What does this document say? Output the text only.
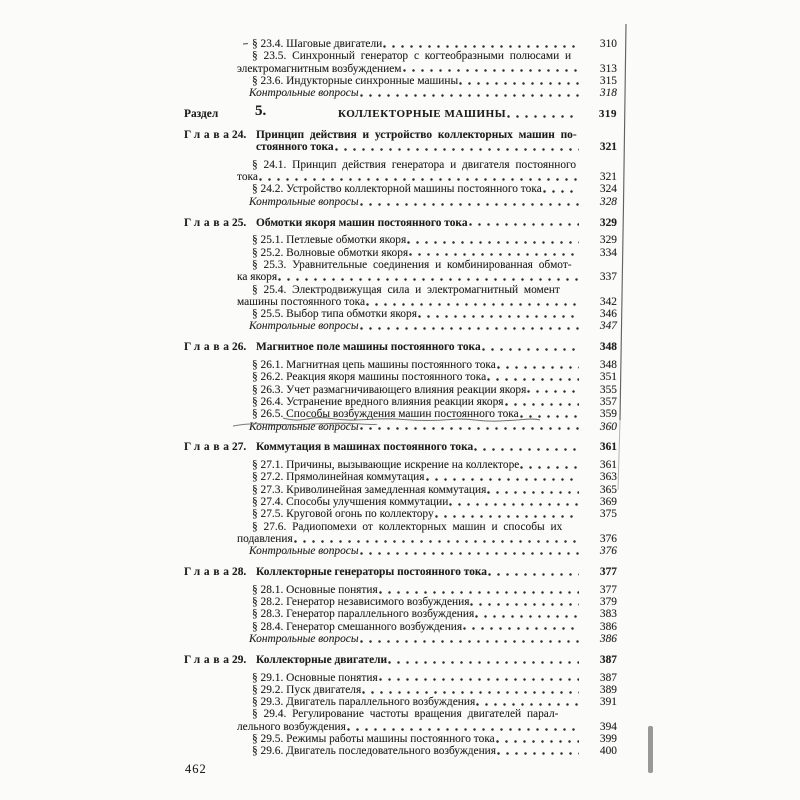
§ 23.4. Шаговые двигатели	310
§ 23.5. Синхронный генератор с когтеобразными полюсами и
электромагнитным возбуждением	313
§ 23.6. Индукторные синхронные машины	315
Контрольные вопросы	318
Раздел 5.	КОЛЛЕКТОРНЫЕ МАШИНЫ	319
Глава 24. Принцип действия и устройство коллекторных машин по-
стоянного тока	321
§ 24.1. Принцип действия генератора и двигателя постоянного
тока	321
§ 24.2. Устройство коллекторной машины постоянного тока	324
Контрольные вопросы	328
Глава 25. Обмотки якоря машин постоянного тока	329
§ 25.1. Петлевые обмотки якоря	329
§ 25.2. Волновые обмотки якоря	334
§ 25.3. Уравнительные соединения и комбинированная обмот-
ка якоря	337
§ 25.4. Электродвижущая сила и электромагнитный момент
машины постоянного тока	342
§ 25.5. Выбор типа обмотки якоря	346
Контрольные вопросы	347
Глава 26. Магнитное поле машины постоянного тока	348
§ 26.1. Магнитная цепь машины постоянного тока	348
§ 26.2. Реакция якоря машины постоянного тока	351
§ 26.3. Учет размагничивающего влияния реакции якоря	355
§ 26.4. Устранение вредного влияния реакции якоря	357
§ 26.5. Способы возбуждения машин постоянного тока	359
Контрольные вопросы	360
Глава 27. Коммутация в машинах постоянного тока	361
§ 27.1. Причины, вызывающие искрение на коллекторе	361
§ 27.2. Прямолинейная коммутация	363
§ 27.3. Криволинейная замедленная коммутация	365
§ 27.4. Способы улучшения коммутации	369
§ 27.5. Круговой огонь по коллектору	375
§ 27.6. Радиопомехи от коллекторных машин и способы их
подавления	376
Контрольные вопросы	376
Глава 28. Коллекторные генераторы постоянного тока	377
§ 28.1. Основные понятия	377
§ 28.2. Генератор независимого возбуждения	379
§ 28.3. Генератор параллельного возбуждения	383
§ 28.4. Генератор смешанного возбуждения	386
Контрольные вопросы	386
Глава 29. Коллекторные двигатели	387
§ 29.1. Основные понятия	387
§ 29.2. Пуск двигателя	389
§ 29.3. Двигатель параллельного возбуждения	391
§ 29.4. Регулирование частоты вращения двигателей парал-
лельного возбуждения	394
§ 29.5. Режимы работы машины постоянного тока	399
§ 29.6. Двигатель последовательного возбуждения	400
462
